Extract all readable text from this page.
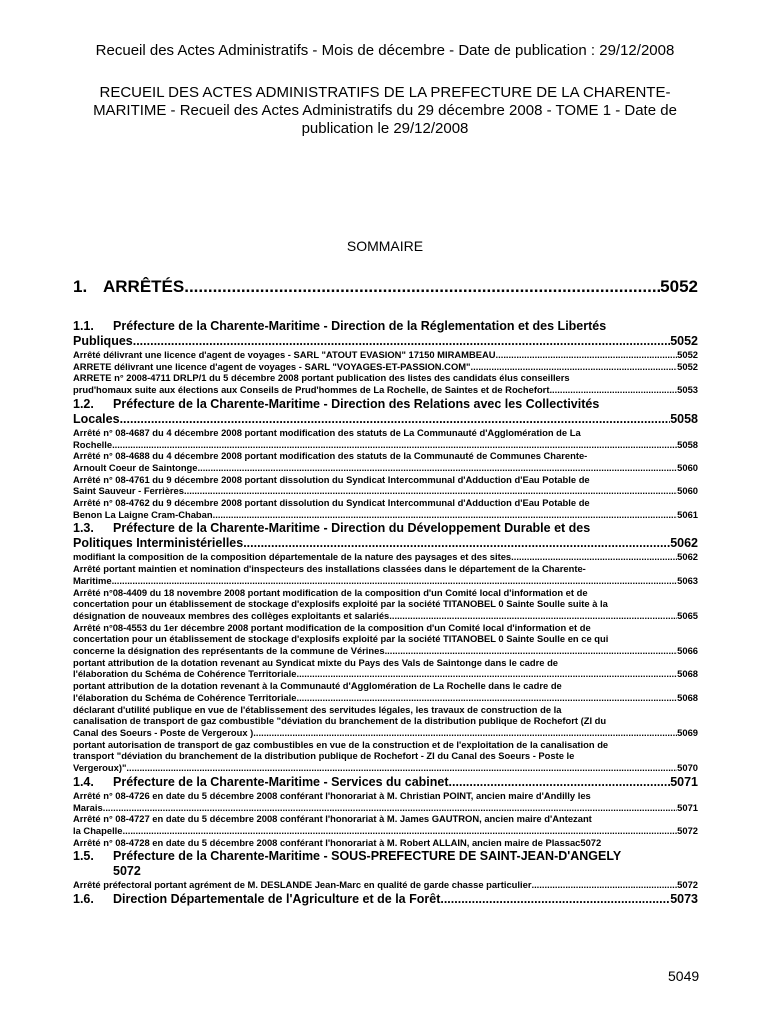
Recueil des Actes Administratifs - Mois de décembre - Date de publication : 29/12/2008
RECUEIL DES ACTES ADMINISTRATIFS DE LA PREFECTURE DE LA CHARENTE-MARITIME - Recueil des Actes Administratifs du 29 décembre 2008 - TOME 1 - Date de publication le 29/12/2008
SOMMAIRE
1. ARRÊTÉS .....	5052
1.1.	Préfecture de la Charente-Maritime - Direction de la Réglementation et des Libertés
Publiques .....	5052
Arrêté délivrant une licence d'agent de voyages - SARL "ATOUT EVASION" 17150 MIRAMBEAU .....	5052
ARRETE délivrant une licence d'agent de voyages - SARL "VOYAGES-ET-PASSION.COM" .....	5052
ARRETE n° 2008-4711 DRLP/1 du 5 décembre 2008 portant publication des listes des candidats élus conseillers
prud'homaux suite aux élections aux Conseils de Prud'hommes de La Rochelle, de Saintes et de Rochefort .....	5053
1.2.	Préfecture de la Charente-Maritime - Direction des Relations avec les Collectivités
Locales .....	5058
Arrêté n° 08-4687 du 4 décembre 2008 portant modification des statuts de La Communauté d'Agglomération de La
Rochelle .....	5058
Arrêté n° 08-4688 du 4 décembre 2008 portant modification des statuts de la Communauté de Communes Charente-
Arnoult Coeur de Saintonge .....	5060
Arrêté n° 08-4761 du 9 décembre 2008 portant dissolution du Syndicat Intercommunal d'Adduction d'Eau Potable de
Saint Sauveur - Ferrières .....	5060
Arrêté n° 08-4762 du 9 décembre 2008 portant dissolution du Syndicat Intercommunal d'Adduction d'Eau Potable de
Benon La Laigne Cram-Chaban .....	5061
1.3.	Préfecture de la Charente-Maritime - Direction du Développement Durable et des
Politiques Interministérielles .....	5062
modifiant la composition de la composition départementale de la nature des paysages et des sites .....	5062
Arrêté portant maintien et nomination d'inspecteurs des installations classées dans le département de la Charente-
Maritime .....	5063
Arrêté n°08-4409 du 18 novembre 2008 portant modification de la composition d'un Comité local d'information et de
concertation pour un établissement de stockage d'explosifs exploité par la société TITANOBEL 0 Sainte Soulle suite à la
désignation de nouveaux membres des collèges exploitants et salariés .....	5065
Arrêté n°08-4553 du 1er décembre 2008 portant modification de la composition d'un Comité local d'information et de
concertation pour un établissement de stockage d'explosifs exploité par la société TITANOBEL 0 Sainte Soulle en ce qui
concerne la désignation des représentants de la commune de Vérines .....	5066
portant attribution de la dotation revenant au Syndicat mixte du Pays des Vals de Saintonge dans le cadre de
l'élaboration du Schéma de Cohérence Territoriale. .....	5068
portant attribution de la dotation revenant à la Communauté d'Agglomération de La Rochelle dans le cadre de
l'élaboration du Schéma de Cohérence Territoriale. .....	5068
déclarant d'utilité publique en vue de l'établissement des servitudes légales, les travaux de construction de la
canalisation de transport de gaz combustible "déviation du branchement de la distribution publique de Rochefort (ZI du
Canal des Soeurs - Poste de Vergeroux ) .....	5069
portant autorisation de transport de gaz combustibles en vue de la construction et de l'exploitation de la canalisation de
transport "déviation du branchement de la distribution publique de Rochefort - ZI du Canal des Soeurs - Poste le
Vergeroux)" .....	5070
1.4.	Préfecture de la Charente-Maritime - Services du cabinet .....	5071
Arrêté n° 08-4726 en date du 5 décembre 2008 conférant l'honorariat à M. Christian POINT, ancien maire d'Andilly les
Marais .....	5071
Arrêté n° 08-4727 en date du 5 décembre 2008 conférant l'honorariat à M. James GAUTRON, ancien maire d'Antezant
la Chapelle .....	5072
Arrêté n° 08-4728 en date du 5 décembre 2008 conférant l'honorariat à M. Robert ALLAIN, ancien maire de Plassac 5072
1.5.	Préfecture de la Charente-Maritime - SOUS-PREFECTURE DE SAINT-JEAN-D'ANGELY
5072
Arrêté préfectoral portant agrément de M. DESLANDE Jean-Marc en qualité de garde chasse particulier .....	5072
1.6.	Direction Départementale de l'Agriculture et de la Forêt .....	5073
5049
